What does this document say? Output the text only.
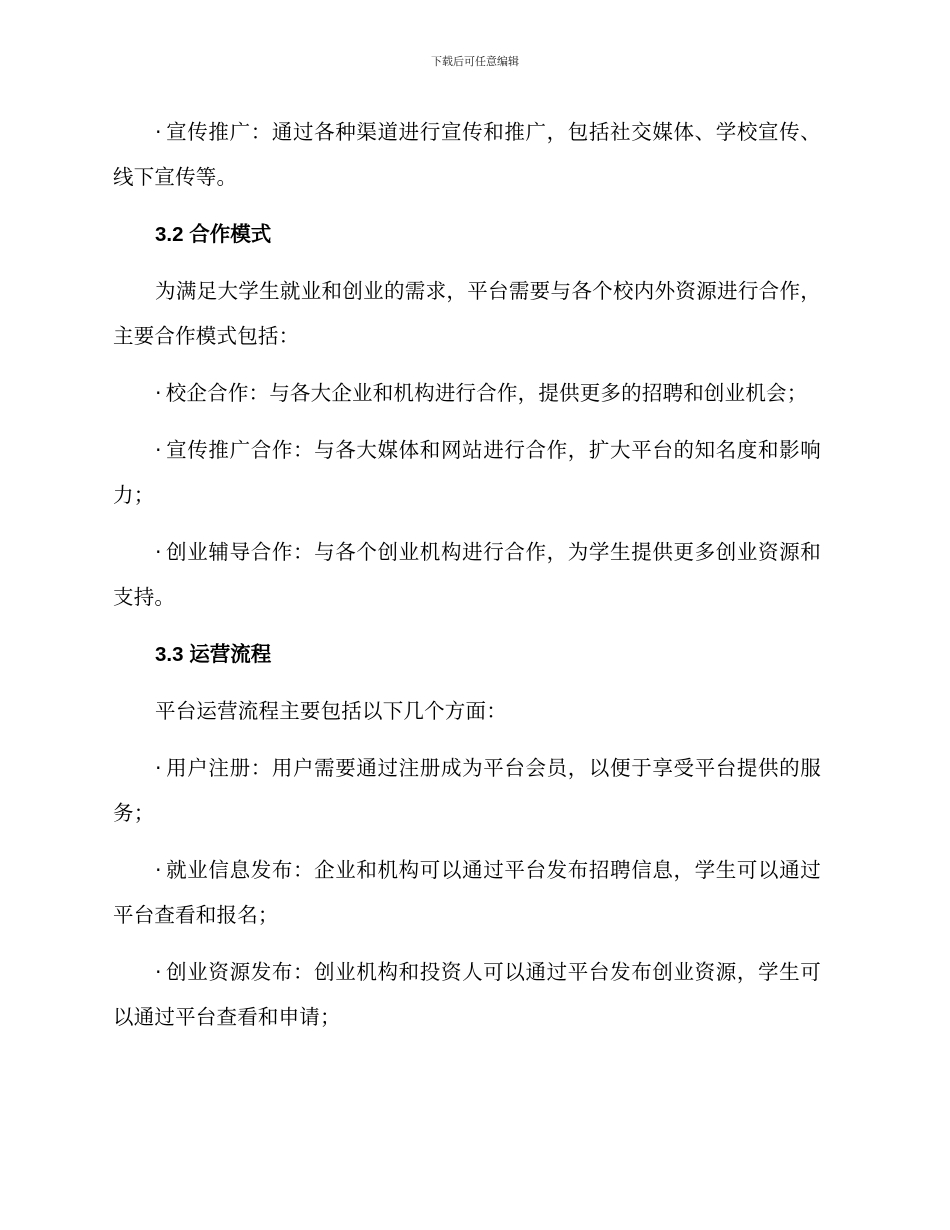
下载后可任意编辑

· 宣传推广：通过各种渠道进行宣传和推广，包括社交媒体、学校宣传、线下宣传等。

3.2 合作模式

为满足大学生就业和创业的需求，平台需要与各个校内外资源进行合作，主要合作模式包括：

· 校企合作：与各大企业和机构进行合作，提供更多的招聘和创业机会；

· 宣传推广合作：与各大媒体和网站进行合作，扩大平台的知名度和影响力；

· 创业辅导合作：与各个创业机构进行合作，为学生提供更多创业资源和支持。

3.3 运营流程

平台运营流程主要包括以下几个方面：

· 用户注册：用户需要通过注册成为平台会员，以便于享受平台提供的服务；

· 就业信息发布：企业和机构可以通过平台发布招聘信息，学生可以通过平台查看和报名；

· 创业资源发布：创业机构和投资人可以通过平台发布创业资源，学生可以通过平台查看和申请；
